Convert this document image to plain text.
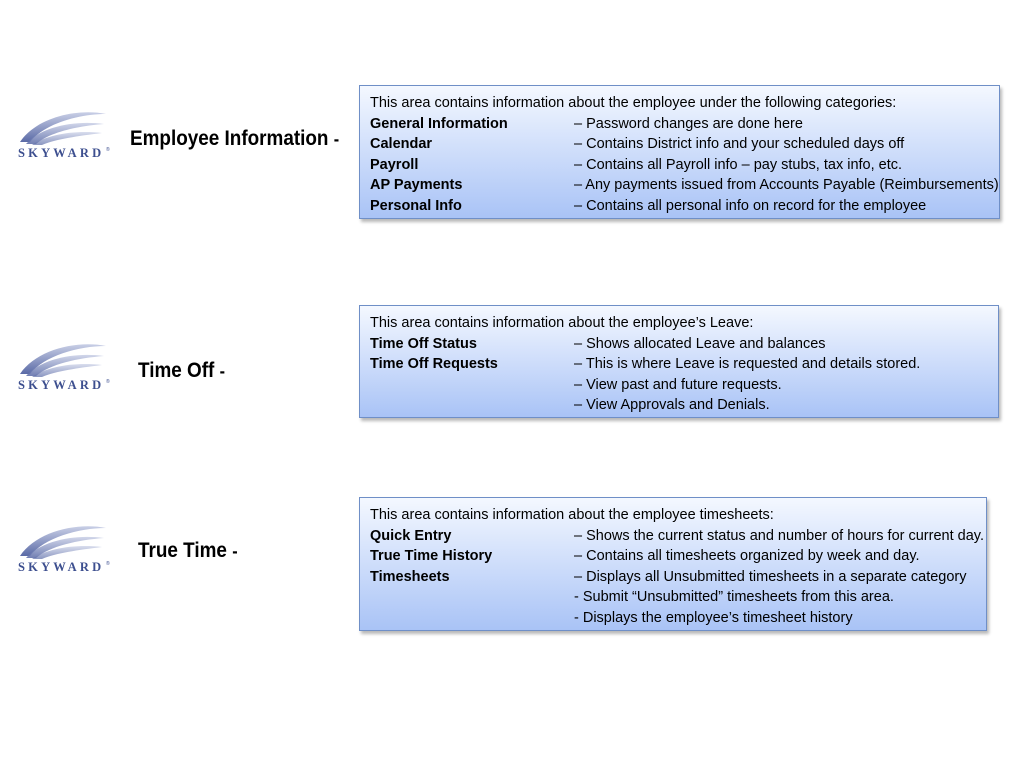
SKYWARD ® Employee Information -
This area contains information about the employee under the following categories:
General Information	– Password changes are done here
Calendar	– Contains District info and your scheduled days off
Payroll	– Contains all Payroll info – pay stubs, tax info, etc.
AP Payments	– Any payments issued from Accounts Payable (Reimbursements)
Personal Info	– Contains all personal info on record for the employee
SKYWARD ® Time Off -
This area contains information about the employee’s Leave:
Time Off Status	– Shows allocated Leave and balances
Time Off Requests	– This is where Leave is requested and details stored.
– View past and future requests.
– View Approvals and Denials.
SKYWARD ®
True Time -
This area contains information about the employee timesheets:
Quick Entry	– Shows the current status and number of hours for current day.
True Time History	– Contains all timesheets organized by week and day.
Timesheets	– Displays all Unsubmitted timesheets in a separate category
- Submit “Unsubmitted” timesheets from this area.
- Displays the employee’s timesheet history
